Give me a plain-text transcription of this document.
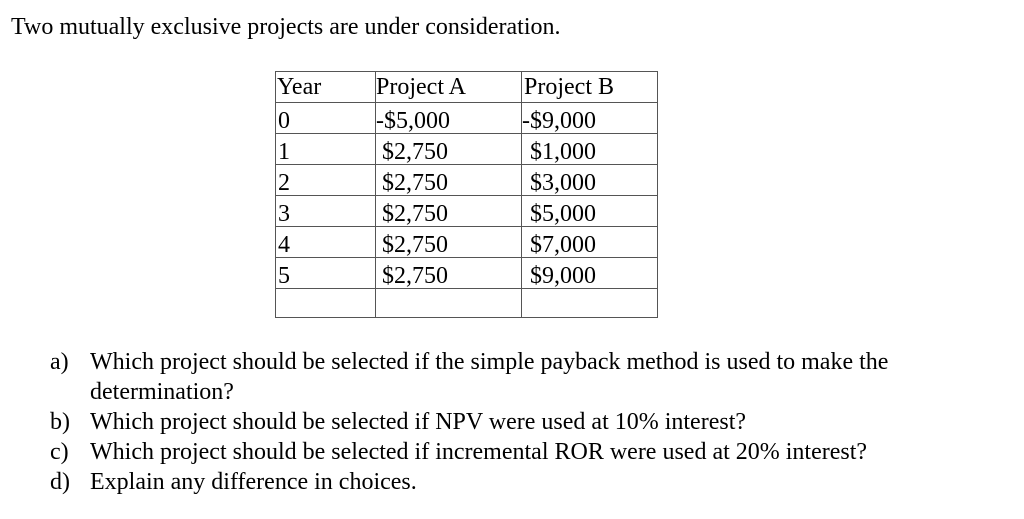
Two mutually exclusive projects are under consideration.
Year	Project A	Project B
0	-$5,000	-$9,000
1	$2,750	$1,000
2	$2,750	$3,000
3	$2,750	$5,000
4	$2,750	$7,000
5	$2,750	$9,000

a) Which project should be selected if the simple payback method is used to make the determination?
b) Which project should be selected if NPV were used at 10% interest?
c) Which project should be selected if incremental ROR were used at 20% interest?
d) Explain any difference in choices.
